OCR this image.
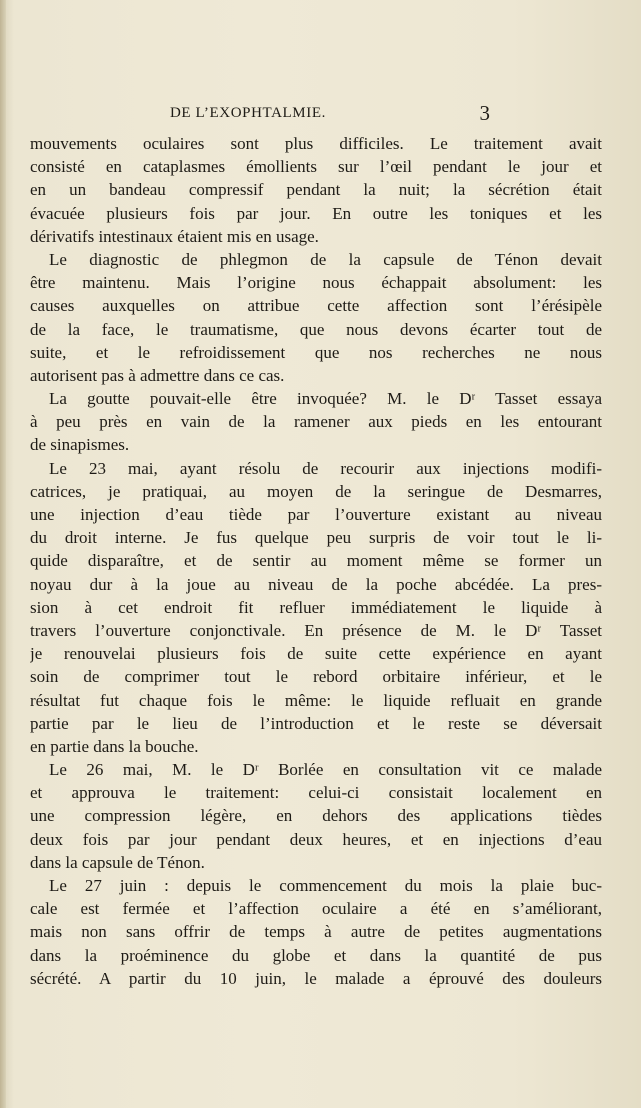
DE L’EXOPHTALMIE.	3
mouvements oculaires sont plus difficiles. Le traitement avait
consisté en cataplasmes émollients sur l’œil pendant le jour et
en un bandeau compressif pendant la nuit; la sécrétion était
évacuée plusieurs fois par jour. En outre les toniques et les
dérivatifs intestinaux étaient mis en usage.
Le diagnostic de phlegmon de la capsule de Ténon devait
être maintenu. Mais l’origine nous échappait absolument: les
causes auxquelles on attribue cette affection sont l’érésipèle
de la face, le traumatisme, que nous devons écarter tout de
suite, et le refroidissement que nos recherches ne nous
autorisent pas à admettre dans ce cas.
La goutte pouvait-elle être invoquée? M. le Dʳ Tasset essaya
à peu près en vain de la ramener aux pieds en les entourant
de sinapismes.
Le 23 mai, ayant résolu de recourir aux injections modifi-
catrices, je pratiquai, au moyen de la seringue de Desmarres,
une injection d’eau tiède par l’ouverture existant au niveau
du droit interne. Je fus quelque peu surpris de voir tout le li-
quide disparaître, et de sentir au moment même se former un
noyau dur à la joue au niveau de la poche abcédée. La pres-
sion à cet endroit fit refluer immédiatement le liquide à
travers l’ouverture conjonctivale. En présence de M. le Dʳ Tasset
je renouvelai plusieurs fois de suite cette expérience en ayant
soin de comprimer tout le rebord orbitaire inférieur, et le
résultat fut chaque fois le même: le liquide refluait en grande
partie par le lieu de l’introduction et le reste se déversait
en partie dans la bouche.
Le 26 mai, M. le Dʳ Borlée en consultation vit ce malade
et approuva le traitement: celui-ci consistait localement en
une compression légère, en dehors des applications tièdes
deux fois par jour pendant deux heures, et en injections d’eau
dans la capsule de Ténon.
Le 27 juin : depuis le commencement du mois la plaie buc-
cale est fermée et l’affection oculaire a été en s’améliorant,
mais non sans offrir de temps à autre de petites augmentations
dans la proéminence du globe et dans la quantité de pus
sécrété. A partir du 10 juin, le malade a éprouvé des douleurs
